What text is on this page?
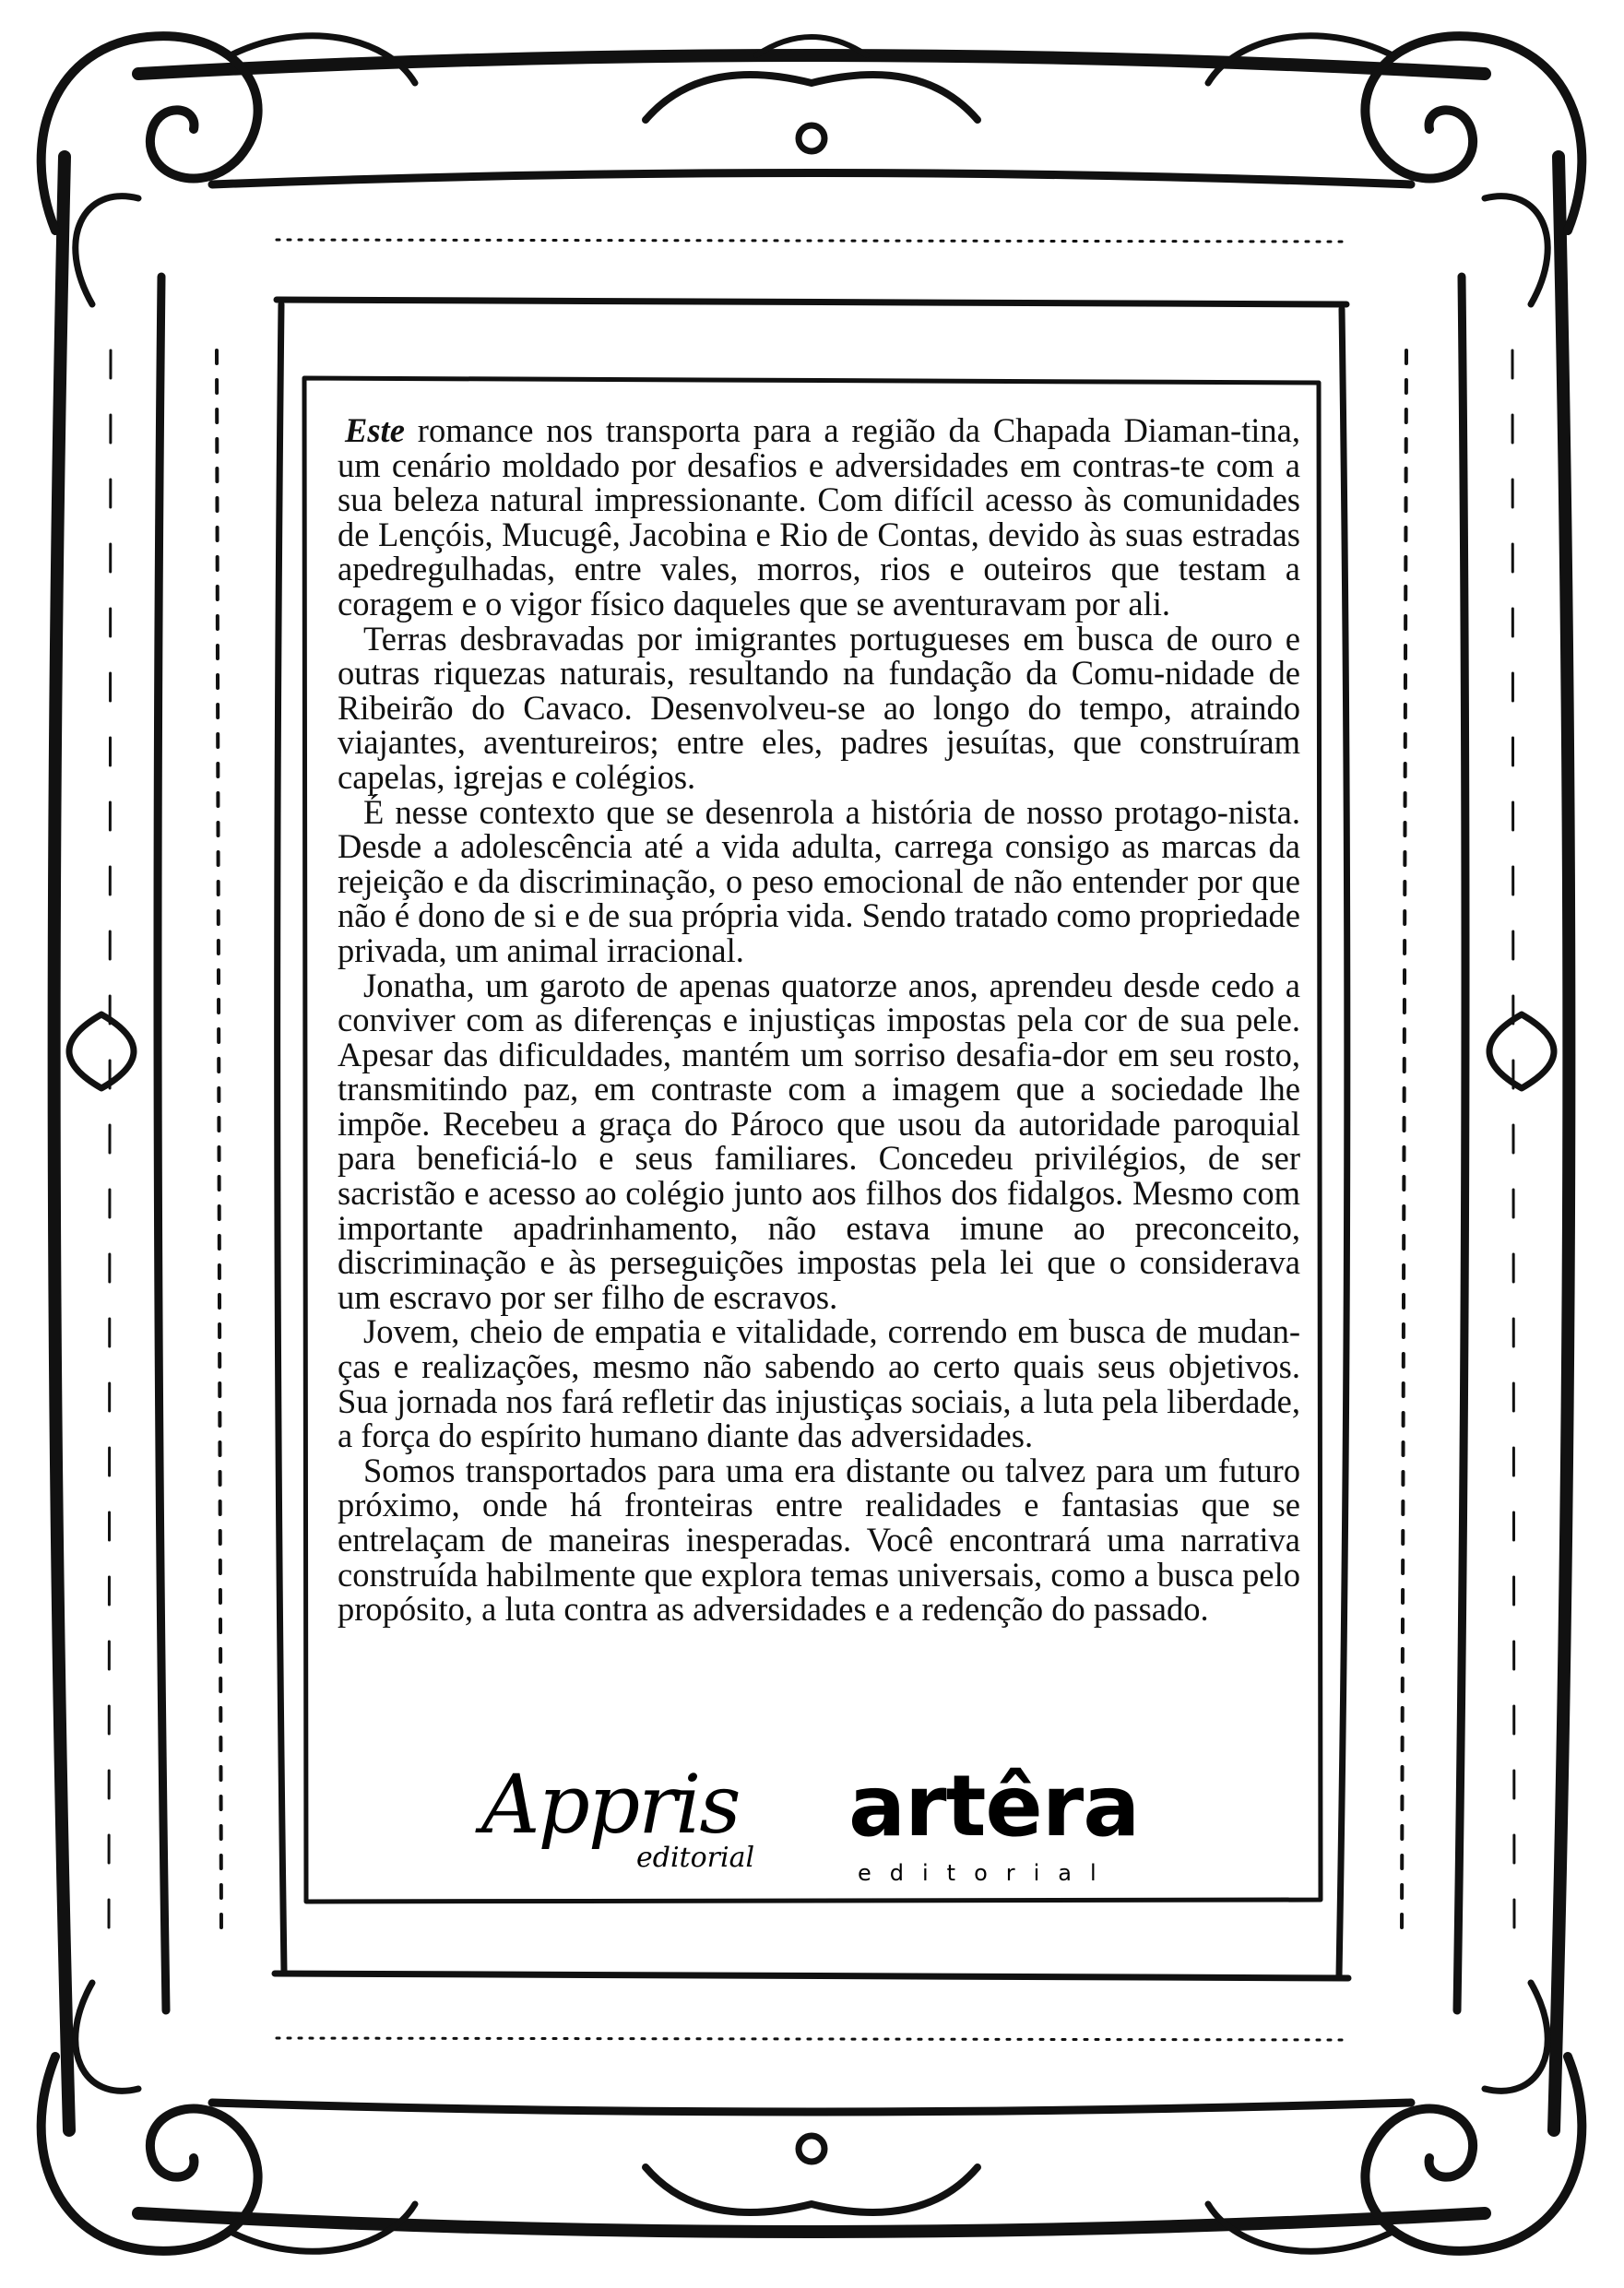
Este romance nos transporta para a região da Chapada Diaman-tina, um cenário moldado por desafios e adversidades em contras-te com a sua beleza natural impressionante. Com difícil acesso às comunidades de Lençóis, Mucugê, Jacobina e Rio de Contas, devido às suas estradas apedregulhadas, entre vales, morros, rios e outeiros que testam a coragem e o vigor físico daqueles que se aventuravam por ali.

Terras desbravadas por imigrantes portugueses em busca de ouro e outras riquezas naturais, resultando na fundação da Comu-nidade de Ribeirão do Cavaco. Desenvolveu-se ao longo do tempo, atraindo viajantes, aventureiros; entre eles, padres jesuítas, que construíram capelas, igrejas e colégios.

É nesse contexto que se desenrola a história de nosso protago-nista. Desde a adolescência até a vida adulta, carrega consigo as marcas da rejeição e da discriminação, o peso emocional de não entender por que não é dono de si e de sua própria vida. Sendo tratado como propriedade privada, um animal irracional.

Jonatha, um garoto de apenas quatorze anos, aprendeu desde cedo a conviver com as diferenças e injustiças impostas pela cor de sua pele. Apesar das dificuldades, mantém um sorriso desafia-dor em seu rosto, transmitindo paz, em contraste com a imagem que a sociedade lhe impõe. Recebeu a graça do Pároco que usou da autoridade paroquial para beneficiá-lo e seus familiares. Concedeu privilégios, de ser sacristão e acesso ao colégio junto aos filhos dos fidalgos. Mesmo com importante apadrinhamento, não estava imune ao preconceito, discriminação e às perseguições impostas pela lei que o considerava um escravo por ser filho de escravos.

Jovem, cheio de empatia e vitalidade, correndo em busca de mudan-ças e realizações, mesmo não sabendo ao certo quais seus objetivos. Sua jornada nos fará refletir das injustiças sociais, a luta pela liberdade, a força do espírito humano diante das adversidades.

Somos transportados para uma era distante ou talvez para um futuro próximo, onde há fronteiras entre realidades e fantasias que se entrelaçam de maneiras inesperadas. Você encontrará uma narrativa construída habilmente que explora temas universais, como a busca pelo propósito, a luta contra as adversidades e a redenção do passado.

Appris
editorial
artêra
editorial
